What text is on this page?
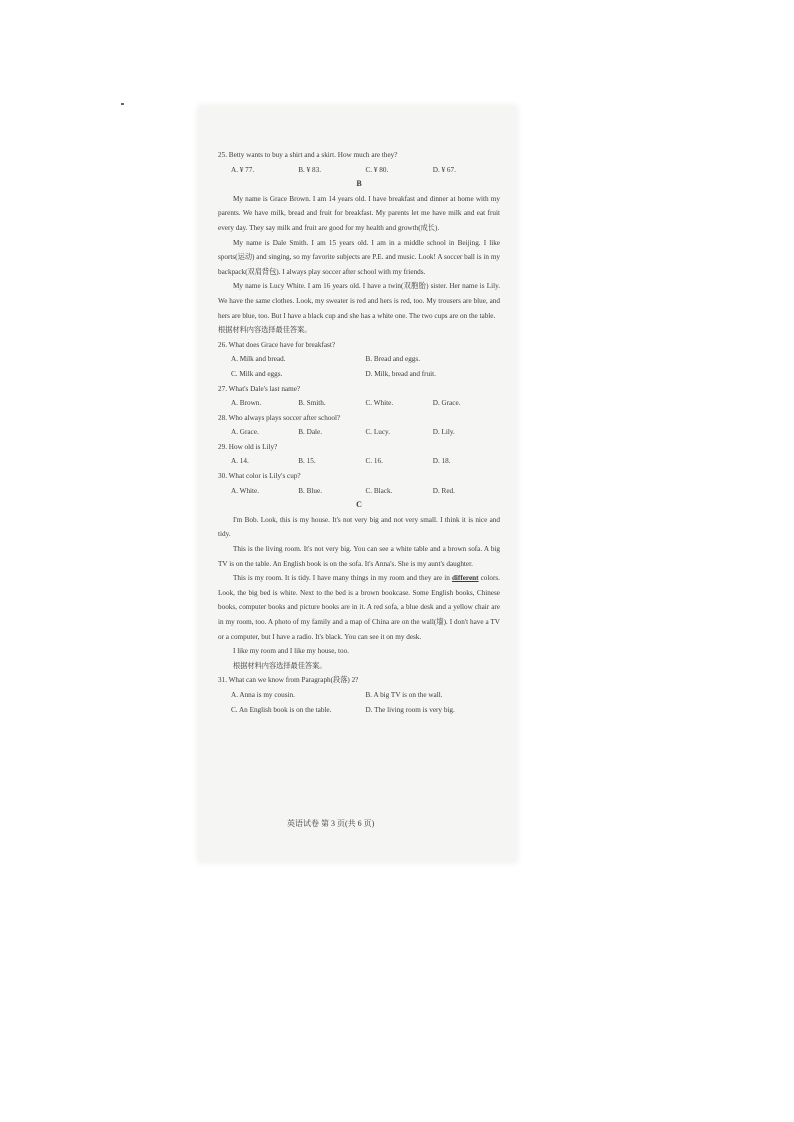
25. Betty wants to buy a shirt and a skirt. How much are they?

A. ¥ 77.	B. ¥ 83.	C. ¥ 80.	D. ¥ 67.

B

My name is Grace Brown. I am 14 years old. I have breakfast and dinner at home with my parents. We have milk, bread and fruit for breakfast. My parents let me have milk and eat fruit every day. They say milk and fruit are good for my health and growth(成长).

My name is Dale Smith. I am 15 years old. I am in a middle school in Beijing. I like sports(运动) and singing, so my favorite subjects are P.E. and music. Look! A soccer ball is in my backpack(双肩背包). I always play soccer after school with my friends.

My name is Lucy White. I am 16 years old. I have a twin(双胞胎) sister. Her name is Lily. We have the same clothes. Look, my sweater is red and hers is red, too. My trousers are blue, and hers are blue, too. But I have a black cup and she has a white one. The two cups are on the table.

根据材料内容选择最佳答案。

26. What does Grace have for breakfast?

A. Milk and bread.	B. Bread and eggs.
C. Milk and eggs.	D. Milk, bread and fruit.

27. What's Dale's last name?

A. Brown.	B. Smith.	C. White.	D. Grace.

28. Who always plays soccer after school?

A. Grace.	B. Dale.	C. Lucy.	D. Lily.

29. How old is Lily?

A. 14.	B. 15.	C. 16.	D. 18.

30. What color is Lily's cup?

A. White.	B. Blue.	C. Black.	D. Red.

C

I'm Bob. Look, this is my house. It's not very big and not very small. I think it is nice and tidy.

This is the living room. It's not very big. You can see a white table and a brown sofa. A big TV is on the table. An English book is on the sofa. It's Anna's. She is my aunt's daughter.

This is my room. It is tidy. I have many things in my room and they are in different colors. Look, the big bed is white. Next to the bed is a brown bookcase. Some English books, Chinese books, computer books and picture books are in it. A red sofa, a blue desk and a yellow chair are in my room, too. A photo of my family and a map of China are on the wall(墙). I don't have a TV or a computer, but I have a radio. It's black. You can see it on my desk.

I like my room and I like my house, too.

根据材料内容选择最佳答案。

31. What can we know from Paragraph(段落) 2?

A. Anna is my cousin.	B. A big TV is on the wall.
C. An English book is on the table.	D. The living room is very big.
英语试卷 第 3 页(共 6 页)
